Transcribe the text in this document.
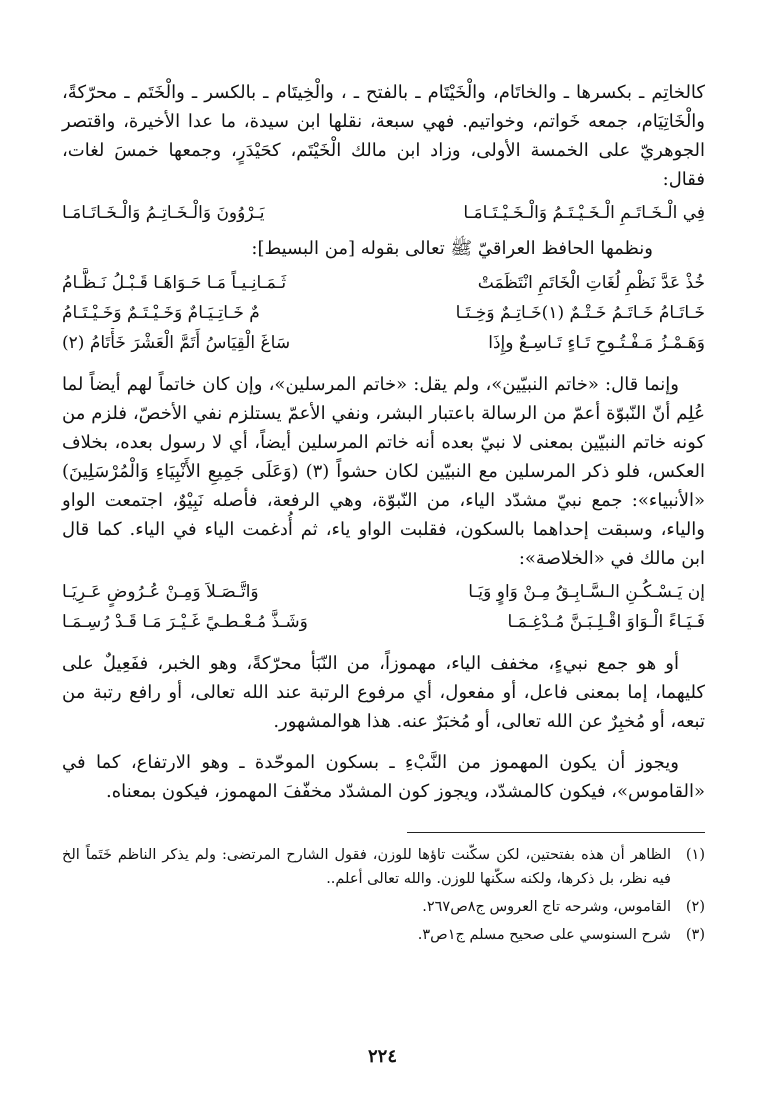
كالخاتِم ـ بكسرها ـ والخاتَام، والْخَيْتَام ـ بالفتح ـ ، والْخِيتَام ـ بالكسر ـ والْخَتَم ـ محرّكةً، والْخَاتِيَام، جمعه خَواتم، وخواتيم. فهي سبعة، نقلها ابن سيدة، ما عدا الأخيرة، واقتصر الجوهريّ على الخمسة الأولى، وزاد ابن مالك الْخَيْتَم، كحَيْدَرٍ، وجمعها خمسَ لغات، فقال:

فِي الْـخَـاتَـمِ الْـخَـيْـتَـمُ وَالْـخَـيْـتَـامَـا
يَـرْوُونَ وَالْـخَـاتِـمُ وَالْـخَـاتَـامَـا

ونظمها الحافظ العراقيّ ﷺ تعالى بقوله [من البسيط]:

خُذْ عَدَّ نَظْمِ لُغَاتِ الْخَاتَمِ انْتَظَمَتْ
ثَـمَـانِـيـاً مَـا حَـوَاهَـا قَـبْـلُ نَـظَّـامُ
خَـاتَـامُ خَـاتَـمُ خَـتْـمٌ (١)خَـاتِـمٌ وَخِـتَـا
مٌ خَـاتِـيَـامٌ وَخَـيْـتَـمٌ وَخَـيْـتَـامُ
وَهَـمْـزُ مَـفْـتُـوحِ تَـاءٍ تَـاسِـعٌ وإِذَا
سَاغَ الْقِيَاسُ أَتَمَّ الْعَشْرَ خَأْتَامُ (٢)

وإنما قال: «خاتم النبيّين»، ولم يقل: «خاتم المرسلين»، وإن كان خاتماً لهم أيضاً لما عُلِم أنّ النّبوّة أعمّ من الرسالة باعتبار البشر، ونفي الأعمّ يستلزم نفي الأخصّ، فلزم من كونه خاتم النبيّين بمعنى لا نبيّ بعده أنه خاتم المرسلين أيضاً، أي لا رسول بعده، بخلاف العكس، فلو ذكر المرسلين مع النبيّين لكان حشواً (٣) (وَعَلَى جَمِيعِ الأَنْبِيَاءِ وَالْمُرْسَلِينَ) «الأنبياء»: جمع نبيّ مشدّد الياء، من النّبوّة، وهي الرفعة، فأصله نَبِيْوٌ، اجتمعت الواو والياء، وسبقت إحداهما بالسكون، فقلبت الواو ياء، ثم أُدغمت الياء في الياء. كما قال ابن مالك في «الخلاصة»:

إن يَـسْـكُـنِ الـسَّـابِـقُ مِـنْ وَاوٍ وَيَـا
وَاتَّـصَـلاَ وَمِـنْ عُـرُوضٍ عَـرِيَـا
فَـيَـاءً الْـوَاوَ اقْـلِـبَـنَّ مُـدْغِـمَـا
وَشَـذَّ مُـعْـطـيً غَـيْـرَ مَـا قَـدْ رُسِـمَـا

أو هو جمع نبيءٍ، مخفف الياء، مهموزاً، من النّبَأ محرّكةً، وهو الخبر، ففَعِيلٌ على كليهما، إما بمعنى فاعل، أو مفعول، أي مرفوع الرتبة عند الله تعالى، أو رافع رتبة من تبعه، أو مُخبِرٌ عن الله تعالى، أو مُخبَرٌ عنه. هذا هوالمشهور.

ويجوز أن يكون المهموز من النَّبْءِ ـ بسكون الموحّدة ـ وهو الارتفاع، كما في «القاموس»، فيكون كالمشدّد، ويجوز كون المشدّد مخفّفَ المهموز، فيكون بمعناه.

(١)
الظاهر أن هذه بفتحتين، لكن سكّنت تاؤها للوزن، فقول الشارح المرتضى: ولم يذكر الناظم خَتَماً الخ فيه نظر، بل ذكرها، ولكنه سكّنها للوزن. والله تعالى أعلم..
(٢)
القاموس، وشرحه تاج العروس ج٨ص٢٦٧.
(٣)
شرح السنوسي على صحيح مسلم ج١ص٣.
٢٢٤
